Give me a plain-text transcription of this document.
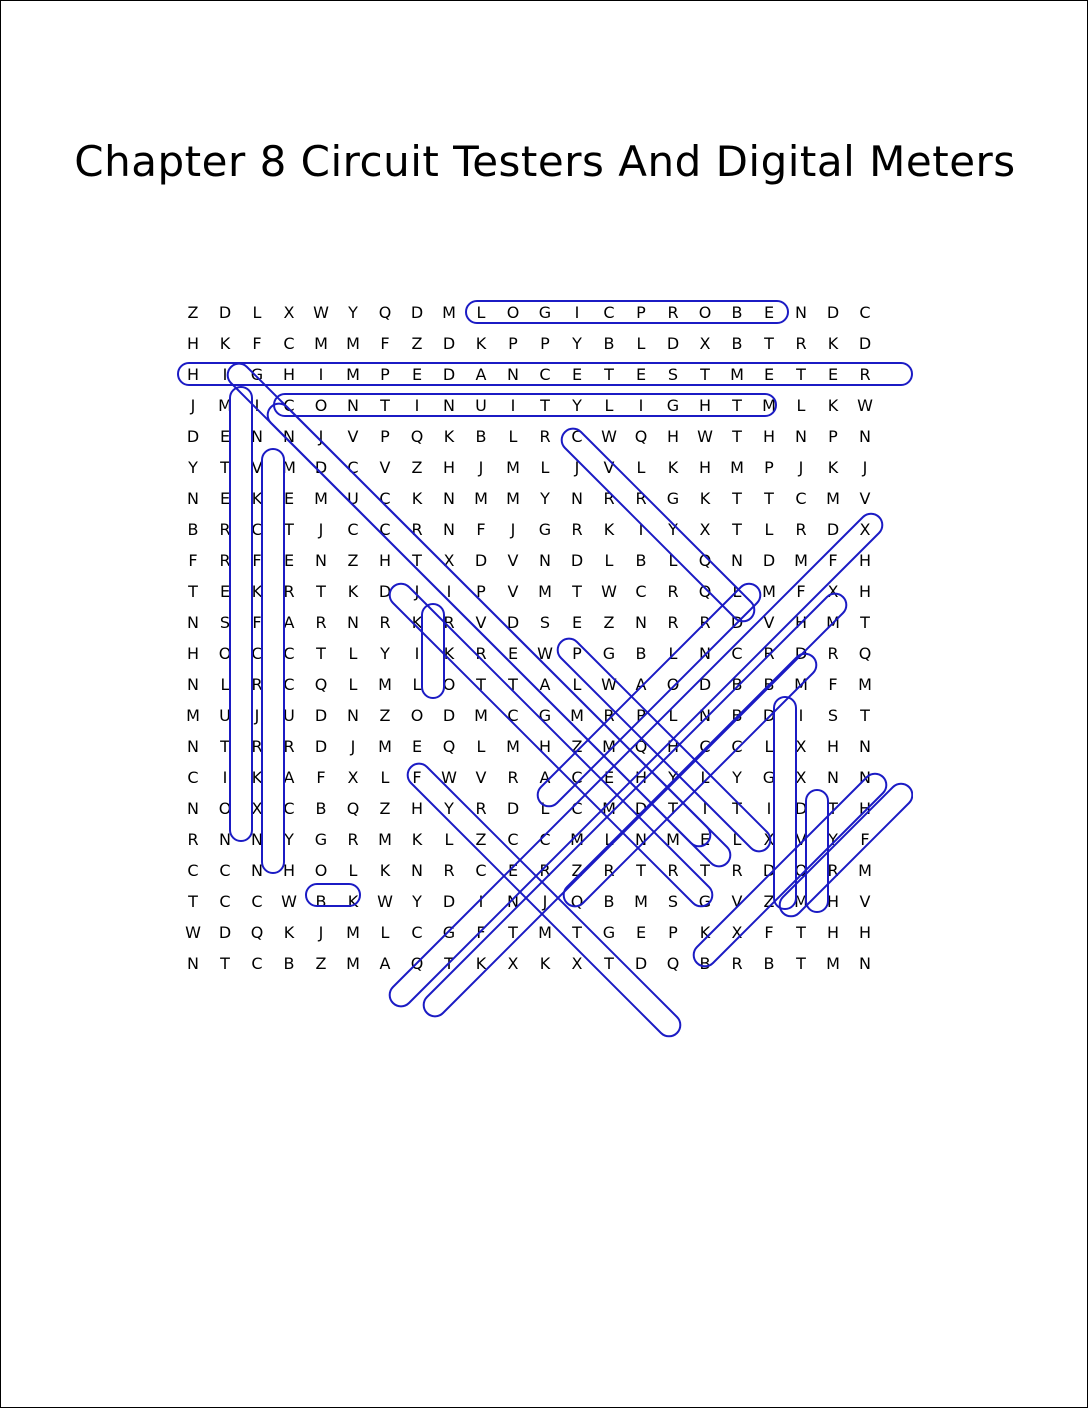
Chapter 8 Circuit Testers And Digital Meters
Z	D	L	X	W	Y	Q	D	M	L	O	G	I	C	P	R	O	B	E	N	D	C
H	K	F	C	M	M	F	Z	D	K	P	P	Y	B	L	D	X	B	T	R	K	D
H	I	G	H	I	M	P	E	D	A	N	C	E	T	E	S	T	M	E	T	E	R
J	M	I	C	O	N	T	I	N	U	I	T	Y	L	I	G	H	T	M	L	K	W
D	E	N	N	J	V	P	Q	K	B	L	R	C	W	Q	H	W	T	H	N	P	N
Y	T	V	M	D	C	V	Z	H	J	M	L	J	V	L	K	H	M	P	J	K	J
N	E	K	E	M	U	C	K	N	M	M	Y	N	R	R	G	K	T	T	C	M	V
B	R	C	T	J	C	C	R	N	F	J	G	R	K	I	Y	X	T	L	R	D	X
F	R	F	E	N	Z	H	T	X	D	V	N	D	L	B	L	Q	N	D	M	F	H
T	E	K	R	T	K	D	J	I	P	V	M	T	W	C	R	Q	L	M	F	X	H
N	S	F	A	R	N	R	K	R	V	D	S	E	Z	N	R	R	D	V	H	M	T
H	O	C	C	T	L	Y	I	K	R	E	W	P	G	B	L	N	C	R	D	R	Q
N	L	R	C	Q	L	M	L	O	T	T	A	L	W	A	O	D	B	B	M	F	M
M	U	J	U	D	N	Z	O	D	M	C	G	M	R	P	L	N	B	D	I	S	T
N	T	R	R	D	J	M	E	Q	L	M	H	Z	M	Q	H	C	C	L	X	H	N
C	I	K	A	F	X	L	F	W	V	R	A	C	E	H	Y	L	Y	G	X	N	N
N	O	X	C	B	Q	Z	H	Y	R	D	L	C	M	D	T	I	T	I	D	T	H
R	N	N	Y	G	R	M	K	L	Z	C	C	M	L	N	M	E	L	X	V	Y	F
C	C	N	H	O	L	K	N	R	C	E	R	Z	R	T	R	T	R	D	O	R	M
T	C	C	W	B	K	W	Y	D	I	N	J	Q	B	M	S	G	V	Z	M	H	V
W	D	Q	K	J	M	L	C	G	F	T	M	T	G	E	P	K	X	F	T	H	H
N	T	C	B	Z	M	A	Q	T	K	X	K	X	T	D	Q	B	R	B	T	M	N
